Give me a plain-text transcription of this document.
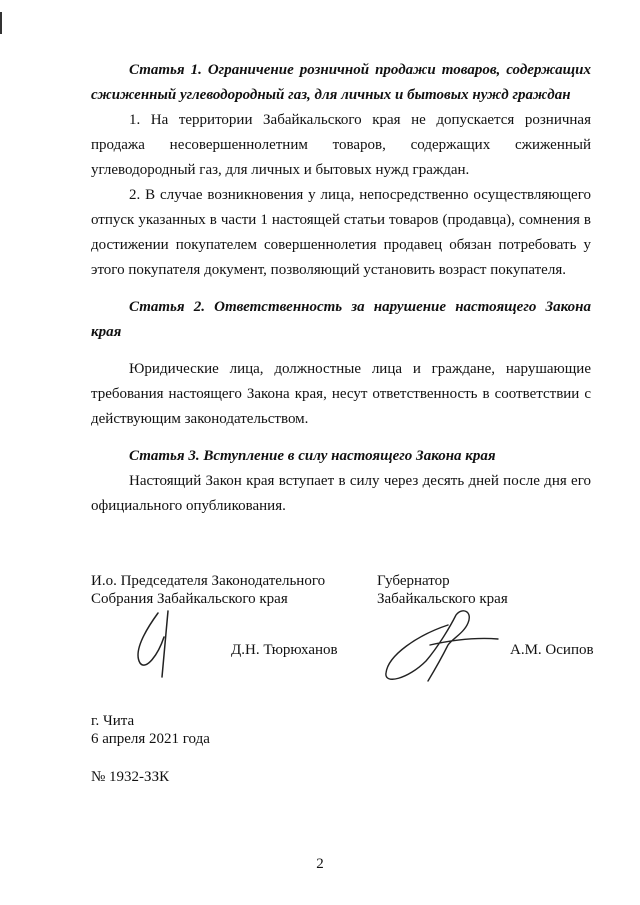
Статья 1. Ограничение розничной продажи товаров, содержащих сжиженный углеводородный газ, для личных и бытовых нужд граждан

1. На территории Забайкальского края не допускается розничная продажа несовершеннолетним товаров, содержащих сжиженный углеводородный газ, для личных и бытовых нужд граждан.

2. В случае возникновения у лица, непосредственно осуществляющего отпуск указанных в части 1 настоящей статьи товаров (продавца), сомнения в достижении покупателем совершеннолетия продавец обязан потребовать у этого покупателя документ, позволяющий установить возраст покупателя.

Статья 2. Ответственность за нарушение настоящего Закона края

Юридические лица, должностные лица и граждане, нарушающие требования настоящего Закона края, несут ответственность в соответствии с действующим законодательством.

Статья 3. Вступление в силу настоящего Закона края

Настоящий Закон края вступает в силу через десять дней после дня его официального опубликования.

И.о. Председателя Законодательного
Собрания Забайкальского края
Губернатор
Забайкальского края
Д.Н. Тюрюханов	А.М. Осипов
г. Чита
6 апреля 2021 года
№ 1932-ЗЗК
2
